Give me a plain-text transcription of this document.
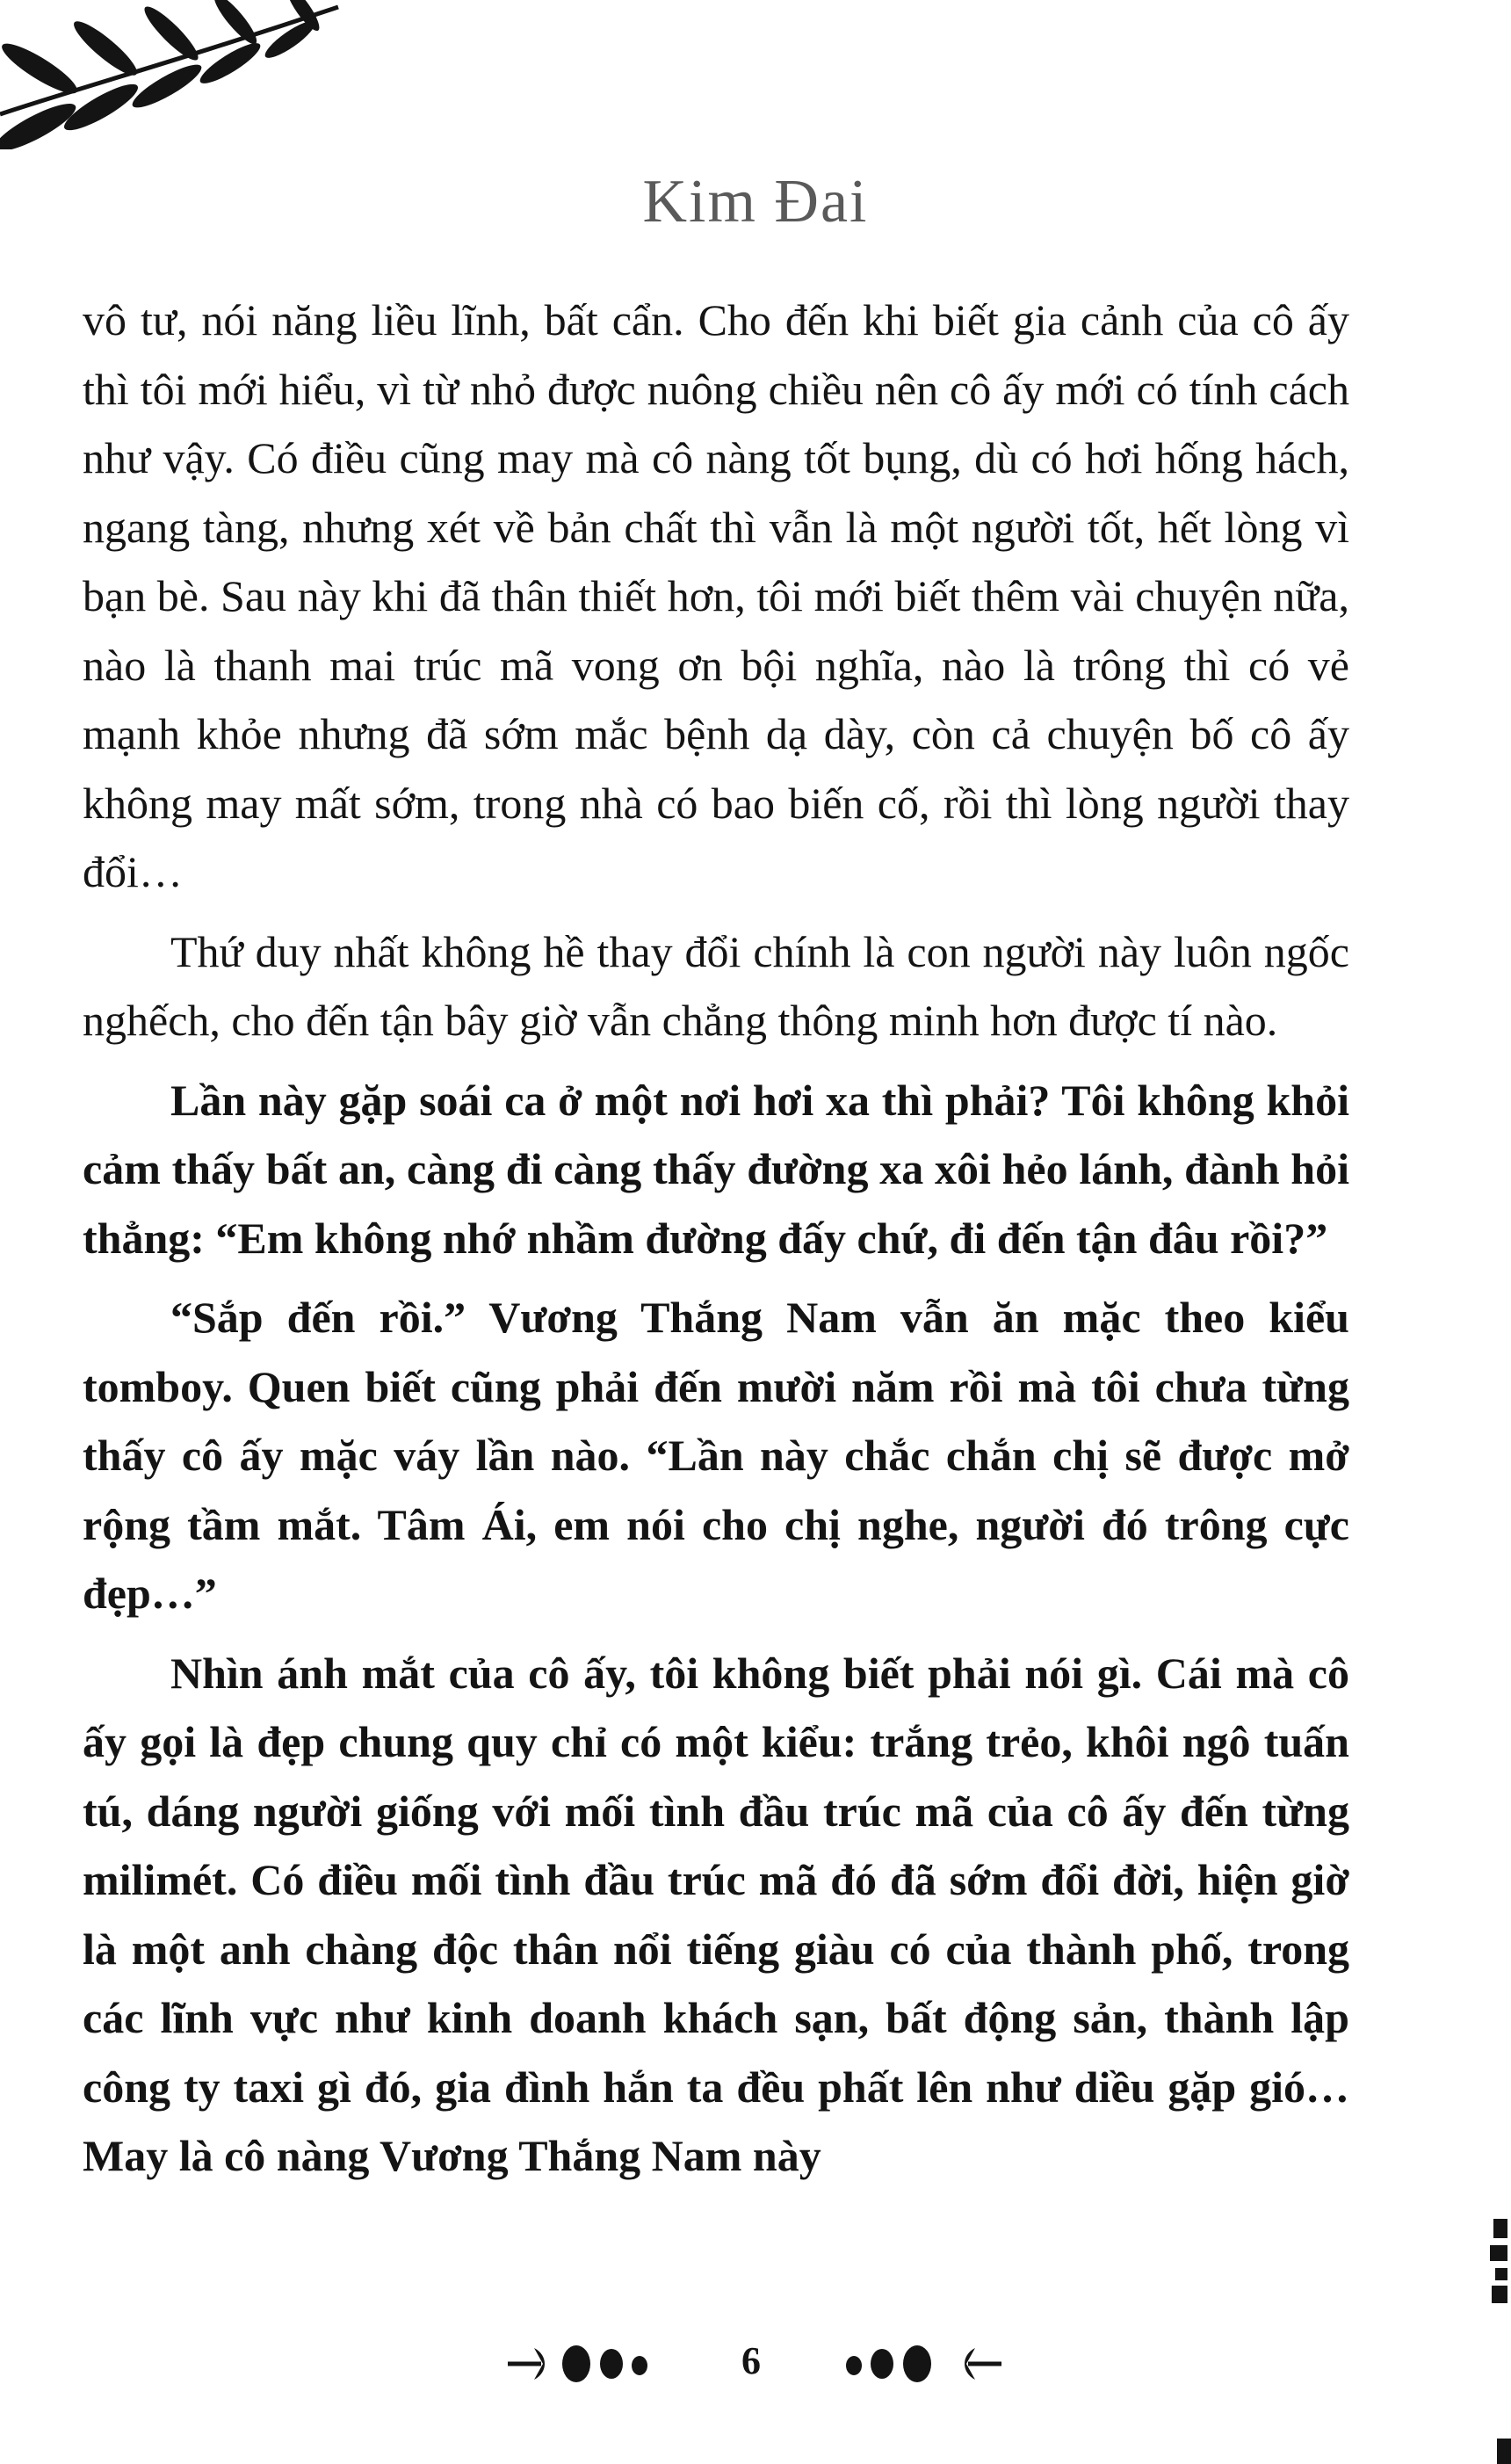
Kim Đai

vô tư, nói năng liều lĩnh, bất cẩn. Cho đến khi biết gia cảnh của cô ấy thì tôi mới hiểu, vì từ nhỏ được nuông chiều nên cô ấy mới có tính cách như vậy. Có điều cũng may mà cô nàng tốt bụng, dù có hơi hống hách, ngang tàng, nhưng xét về bản chất thì vẫn là một người tốt, hết lòng vì bạn bè. Sau này khi đã thân thiết hơn, tôi mới biết thêm vài chuyện nữa, nào là thanh mai trúc mã vong ơn bội nghĩa, nào là trông thì có vẻ mạnh khỏe nhưng đã sớm mắc bệnh dạ dày, còn cả chuyện bố cô ấy không may mất sớm, trong nhà có bao biến cố, rồi thì lòng người thay đổi…

Thứ duy nhất không hề thay đổi chính là con người này luôn ngốc nghếch, cho đến tận bây giờ vẫn chẳng thông minh hơn được tí nào.

Lần này gặp soái ca ở một nơi hơi xa thì phải? Tôi không khỏi cảm thấy bất an, càng đi càng thấy đường xa xôi hẻo lánh, đành hỏi thẳng: “Em không nhớ nhầm đường đấy chứ, đi đến tận đâu rồi?”

“Sắp đến rồi.” Vương Thắng Nam vẫn ăn mặc theo kiểu tomboy. Quen biết cũng phải đến mười năm rồi mà tôi chưa từng thấy cô ấy mặc váy lần nào. “Lần này chắc chắn chị sẽ được mở rộng tầm mắt. Tâm Ái, em nói cho chị nghe, người đó trông cực đẹp…”

Nhìn ánh mắt của cô ấy, tôi không biết phải nói gì. Cái mà cô ấy gọi là đẹp chung quy chỉ có một kiểu: trắng trẻo, khôi ngô tuấn tú, dáng người giống với mối tình đầu trúc mã của cô ấy đến từng milimét. Có điều mối tình đầu trúc mã đó đã sớm đổi đời, hiện giờ là một anh chàng độc thân nổi tiếng giàu có của thành phố, trong các lĩnh vực như kinh doanh khách sạn, bất động sản, thành lập công ty taxi gì đó, gia đình hắn ta đều phất lên như diều gặp gió… May là cô nàng Vương Thắng Nam này

6
